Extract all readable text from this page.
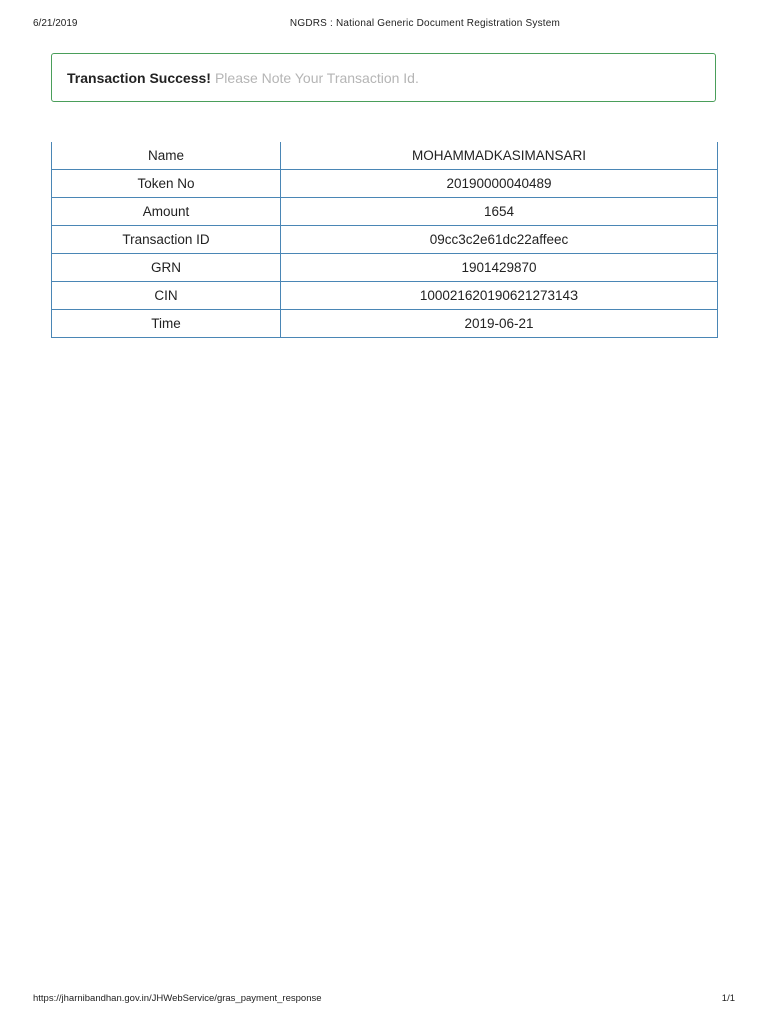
6/21/2019	NGDRS : National Generic Document Registration System
Transaction Success! Please Note Your Transaction Id.
Name	MOHAMMADKASIMANSARI
Token No	20190000040489
Amount	1654
Transaction ID	09cc3c2e61dc22affeec
GRN	1901429870
CIN	10002162019062127314З
Time	2019-06-21
https://jharnibandhan.gov.in/JHWebService/gras_payment_response	1/1
